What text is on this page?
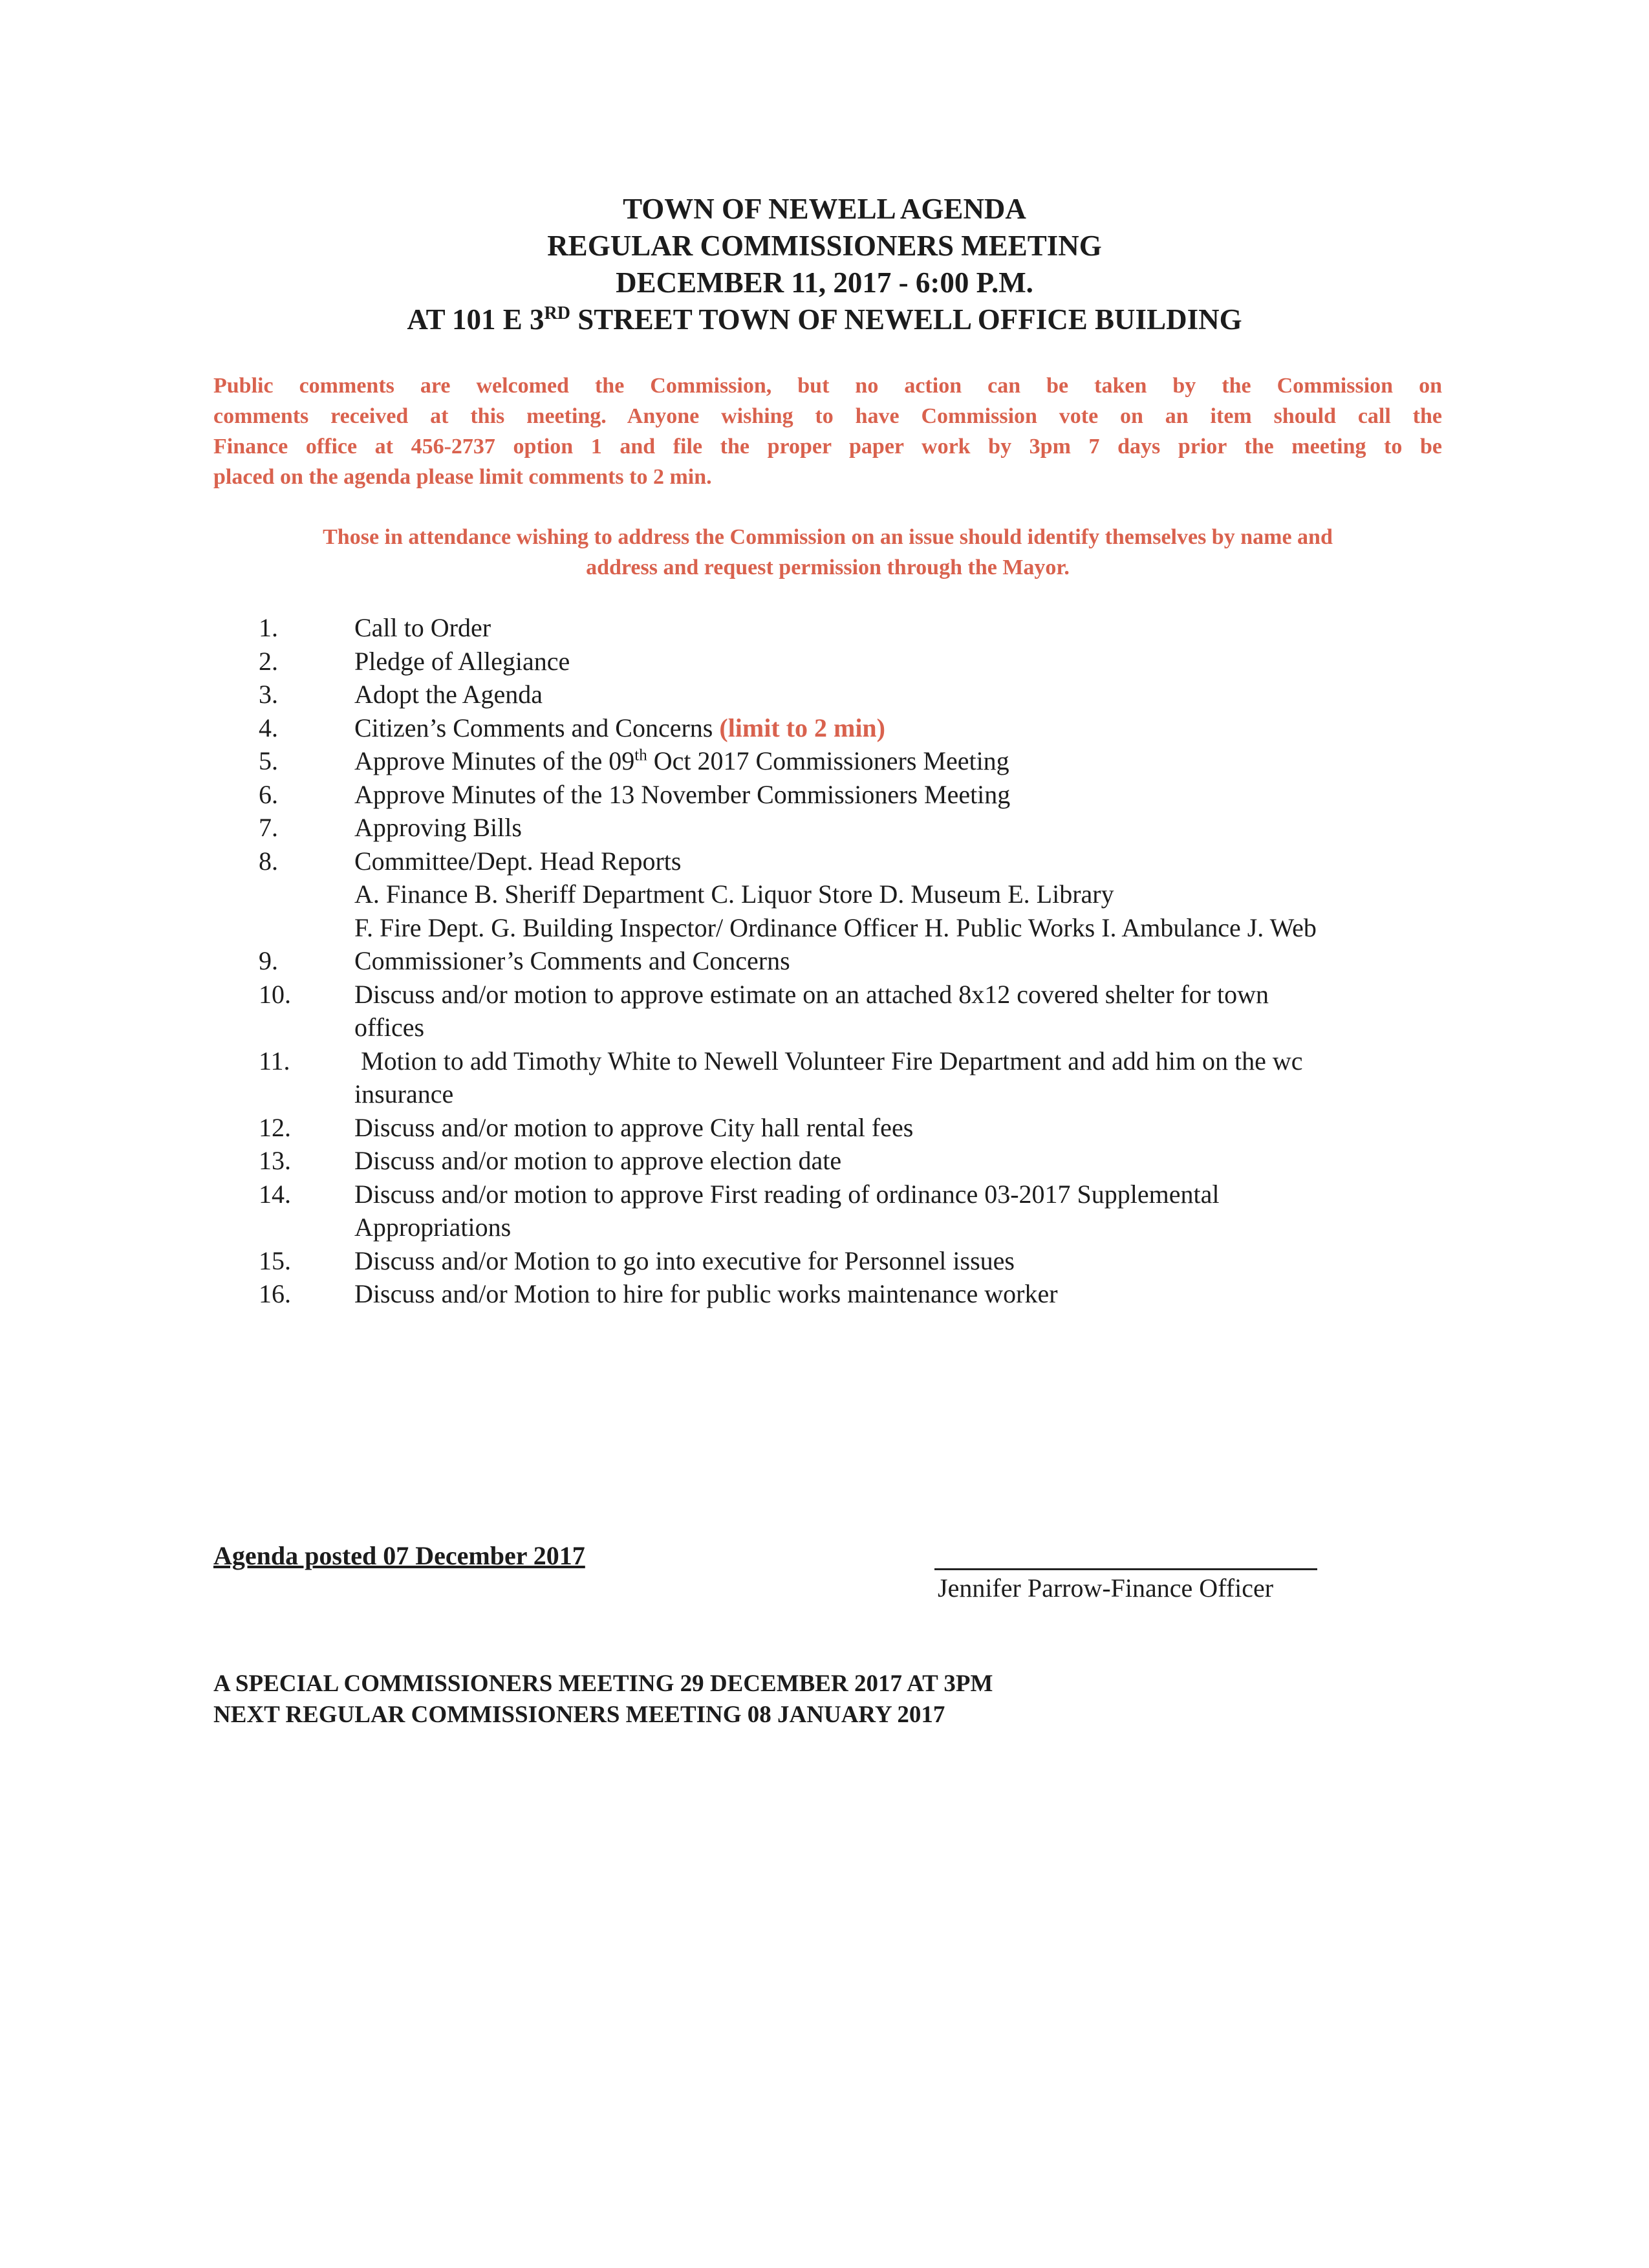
TOWN OF NEWELL AGENDA
REGULAR COMMISSIONERS MEETING
DECEMBER 11, 2017 - 6:00 P.M.
AT 101 E 3RD STREET TOWN OF NEWELL OFFICE BUILDING
Public comments are welcomed the Commission, but no action can be taken by the Commission on
comments received at this meeting. Anyone wishing to have Commission vote on an item should call the
Finance office at 456-2737 option 1 and file the proper paper work by 3pm 7 days prior the meeting to be
placed on the agenda please limit comments to 2 min.
Those in attendance wishing to address the Commission on an issue should identify themselves by name and
address and request permission through the Mayor.
1.	Call to Order
2.	Pledge of Allegiance
3.	Adopt the Agenda
4.	Citizen’s Comments and Concerns (limit to 2 min)
5.	Approve Minutes of the 09th Oct 2017 Commissioners Meeting
6.	Approve Minutes of the 13 November Commissioners Meeting
7.	Approving Bills
8.	Committee/Dept. Head Reports
A. Finance B. Sheriff Department C. Liquor Store D. Museum E. Library
F. Fire Dept. G. Building Inspector/ Ordinance Officer H. Public Works I. Ambulance J. Web
9.	Commissioner’s Comments and Concerns
10. Discuss and/or motion to approve estimate on an attached 8x12 covered shelter for town
offices
11. Motion to add Timothy White to Newell Volunteer Fire Department and add him on the wc
insurance
12. Discuss and/or motion to approve City hall rental fees
13. Discuss and/or motion to approve election date
14. Discuss and/or motion to approve First reading of ordinance 03-2017 Supplemental
Appropriations
15. Discuss and/or Motion to go into executive for Personnel issues
16. Discuss and/or Motion to hire for public works maintenance worker
Agenda posted 07 December 2017
Jennifer Parrow-Finance Officer
A SPECIAL COMMISSIONERS MEETING 29 DECEMBER 2017 AT 3PM
NEXT REGULAR COMMISSIONERS MEETING 08 JANUARY 2017
